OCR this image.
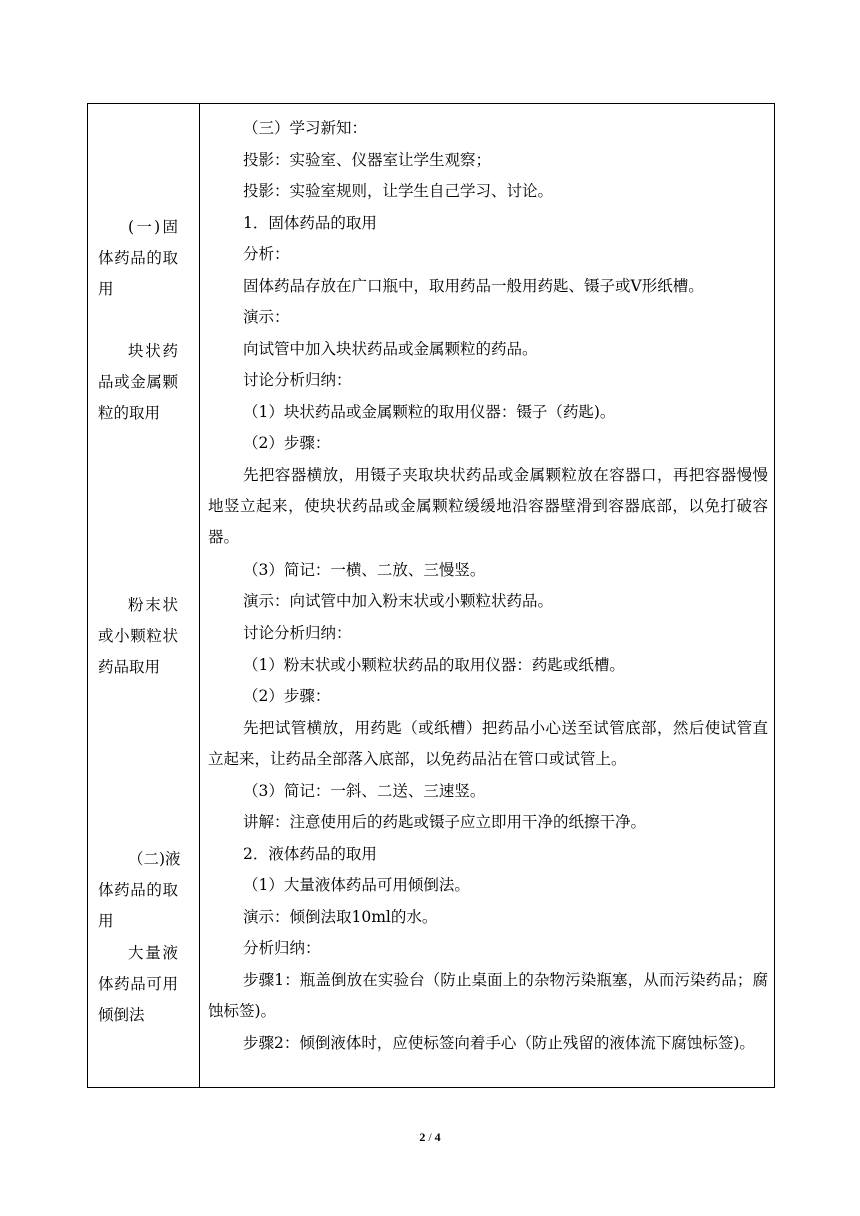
(一)固
体药品的取
用
块状药
品或金属颗
粒的取用
粉末状
或小颗粒状
药品取用
（二)液
体药品的取
用
大量液
体药品可用
倾倒法
（三）学习新知：
投影：实验室、仪器室让学生观察；
投影：实验室规则，让学生自己学习、讨论。
1．固体药品的取用
分析：
固体药品存放在广口瓶中，取用药品一般用药匙、镊子或V形纸槽。
演示：
向试管中加入块状药品或金属颗粒的药品。
讨论分析归纳：
（1）块状药品或金属颗粒的取用仪器：镊子（药匙)。
（2）步骤：
先把容器横放，用镊子夹取块状药品或金属颗粒放在容器口，再把容器慢慢地竖立起来，使块状药品或金属颗粒缓缓地沿容器壁滑到容器底部，以免打破容器。
（3）简记：一横、二放、三慢竖。
演示：向试管中加入粉末状或小颗粒状药品。
讨论分析归纳：
（1）粉末状或小颗粒状药品的取用仪器：药匙或纸槽。
（2）步骤：
先把试管横放，用药匙（或纸槽）把药品小心送至试管底部，然后使试管直立起来，让药品全部落入底部，以免药品沾在管口或试管上。
（3）简记：一斜、二送、三速竖。
讲解：注意使用后的药匙或镊子应立即用干净的纸擦干净。
2．液体药品的取用
（1）大量液体药品可用倾倒法。
演示：倾倒法取10ml的水。
分析归纳：
步骤1：瓶盖倒放在实验台（防止桌面上的杂物污染瓶塞，从而污染药品；腐蚀标签)。
步骤2：倾倒液体时，应使标签向着手心（防止残留的液体流下腐蚀标签)。
2 / 4
